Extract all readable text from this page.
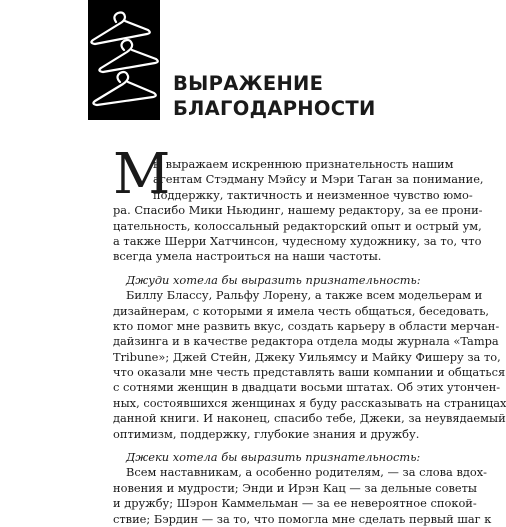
ВЫРАЖЕНИЕ
БЛАГОДАРНОСТИ
М
ы выражаем искреннюю признательность нашим
агентам Стэдману Мэйсу и Мэри Таган за понимание,
поддержку, тактичность и неизменное чувство юмо-
ра. Спасибо Мики Ньюдинг, нашему редактору, за ее прони-
цательность, колоссальный редакторский опыт и острый ум,
а также Шерри Хатчинсон, чудесному художнику, за то, что
всегда умела настроиться на наши частоты.
Джуди хотела бы выразить признательность:
Биллу Блассу, Ральфу Лорену, а также всем модельерам и
дизайнерам, с которыми я имела честь общаться, беседовать,
кто помог мне развить вкус, создать карьеру в области мерчан-
дайзинга и в качестве редактора отдела моды журнала «Tampa
Tribune»; Джей Стейн, Джеку Уильямсу и Майку Фишеру за то,
что оказали мне честь представлять ваши компании и общаться
с сотнями женщин в двадцати восьми штатах. Об этих утончен-
ных, состоявшихся женщинах я буду рассказывать на страницах
данной книги. И наконец, спасибо тебе, Джеки, за неувядаемый
оптимизм, поддержку, глубокие знания и дружбу.
Джеки хотела бы выразить признательность:
Всем наставникам, а особенно родителям, — за слова вдох-
новения и мудрости; Энди и Ирэн Кац — за дельные советы
и дружбу; Шэрон Каммельман — за ее невероятное спокой-
ствие; Бэрдин — за то, что помогла мне сделать первый шаг к
